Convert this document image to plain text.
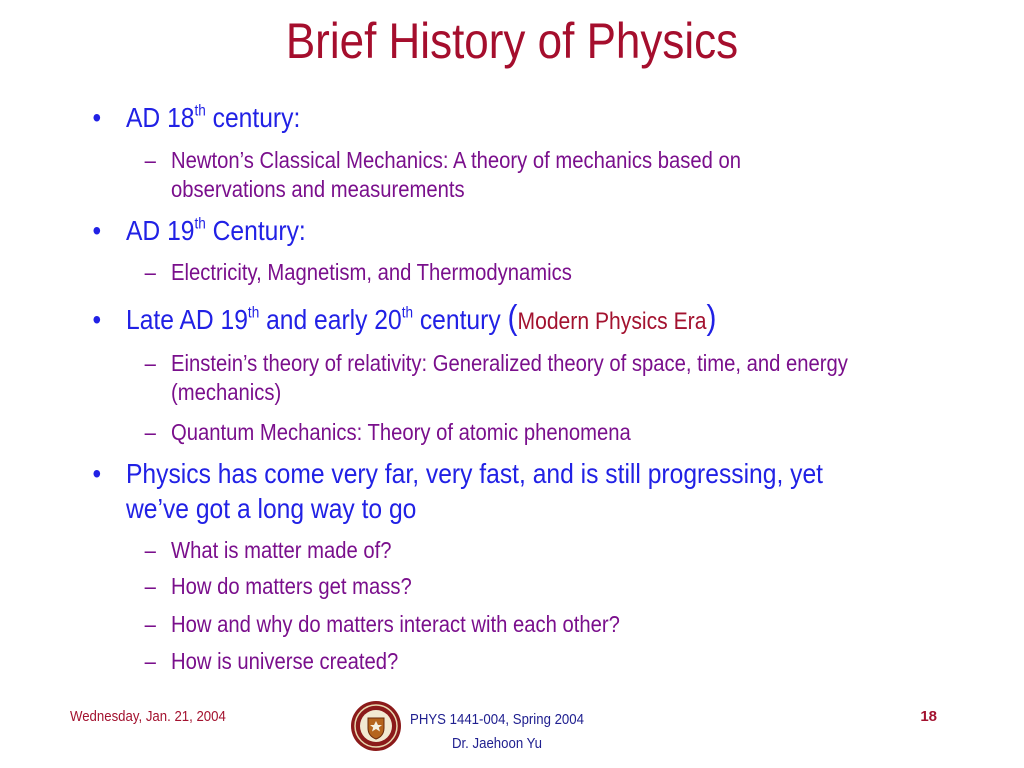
Brief History of Physics
• AD 18th century:
– Newton’s Classical Mechanics: A theory of mechanics based on
observations and measurements
• AD 19th Century:
– Electricity, Magnetism, and Thermodynamics
• Late AD 19th and early 20th century (Modern Physics Era)
– Einstein’s theory of relativity: Generalized theory of space, time, and energy
(mechanics)
– Quantum Mechanics: Theory of atomic phenomena
• Physics has come very far, very fast, and is still progressing, yet
we’ve got a long way to go
– What is matter made of?
– How do matters get mass?
– How and why do matters interact with each other?
– How is universe created?
Wednesday, Jan. 21, 2004	PHYS 1441-004, Spring 2004
Dr. Jaehoon Yu
18
